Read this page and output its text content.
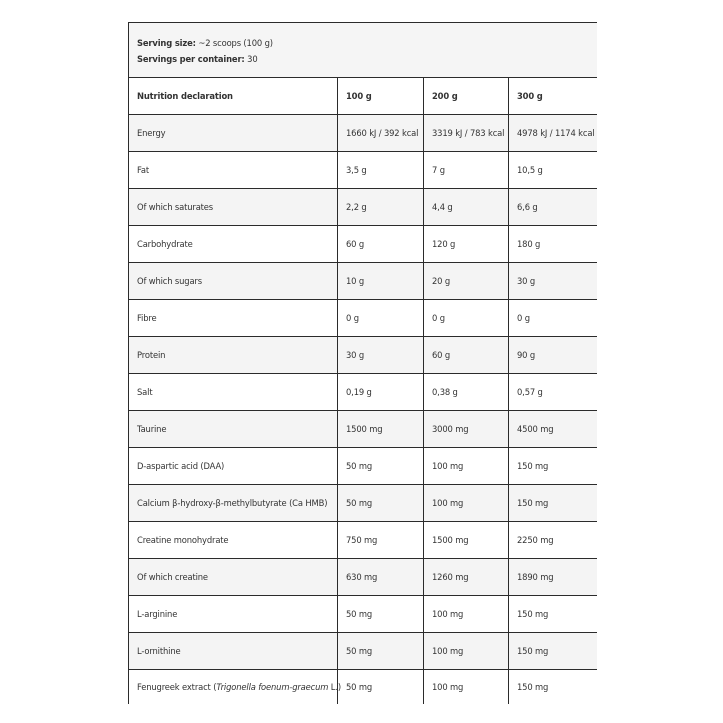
Serving size: ~2 scoops (100 g)
Servings per container: 30			

Nutrition declaration	100 g	200 g	300 g
Energy	1660 kJ / 392 kcal	3319 kJ / 783 kcal	4978 kJ / 1174 kcal
Fat	3,5 g	7 g	10,5 g
Of which saturates	2,2 g	4,4 g	6,6 g
Carbohydrate	60 g	120 g	180 g
Of which sugars	10 g	20 g	30 g
Fibre	0 g	0 g	0 g
Protein	30 g	60 g	90 g
Salt	0,19 g	0,38 g	0,57 g
Taurine	1500 mg	3000 mg	4500 mg
D-aspartic acid (DAA)	50 mg	100 mg	150 mg
Calcium β-hydroxy-β-methylbutyrate (Ca HMB)	50 mg	100 mg	150 mg
Creatine monohydrate	750 mg	1500 mg	2250 mg
Of which creatine	630 mg	1260 mg	1890 mg
L-arginine	50 mg	100 mg	150 mg
L-ornithine	50 mg	100 mg	150 mg
Fenugreek extract (Trigonella foenum-graecum L.)	50 mg	100 mg	150 mg
